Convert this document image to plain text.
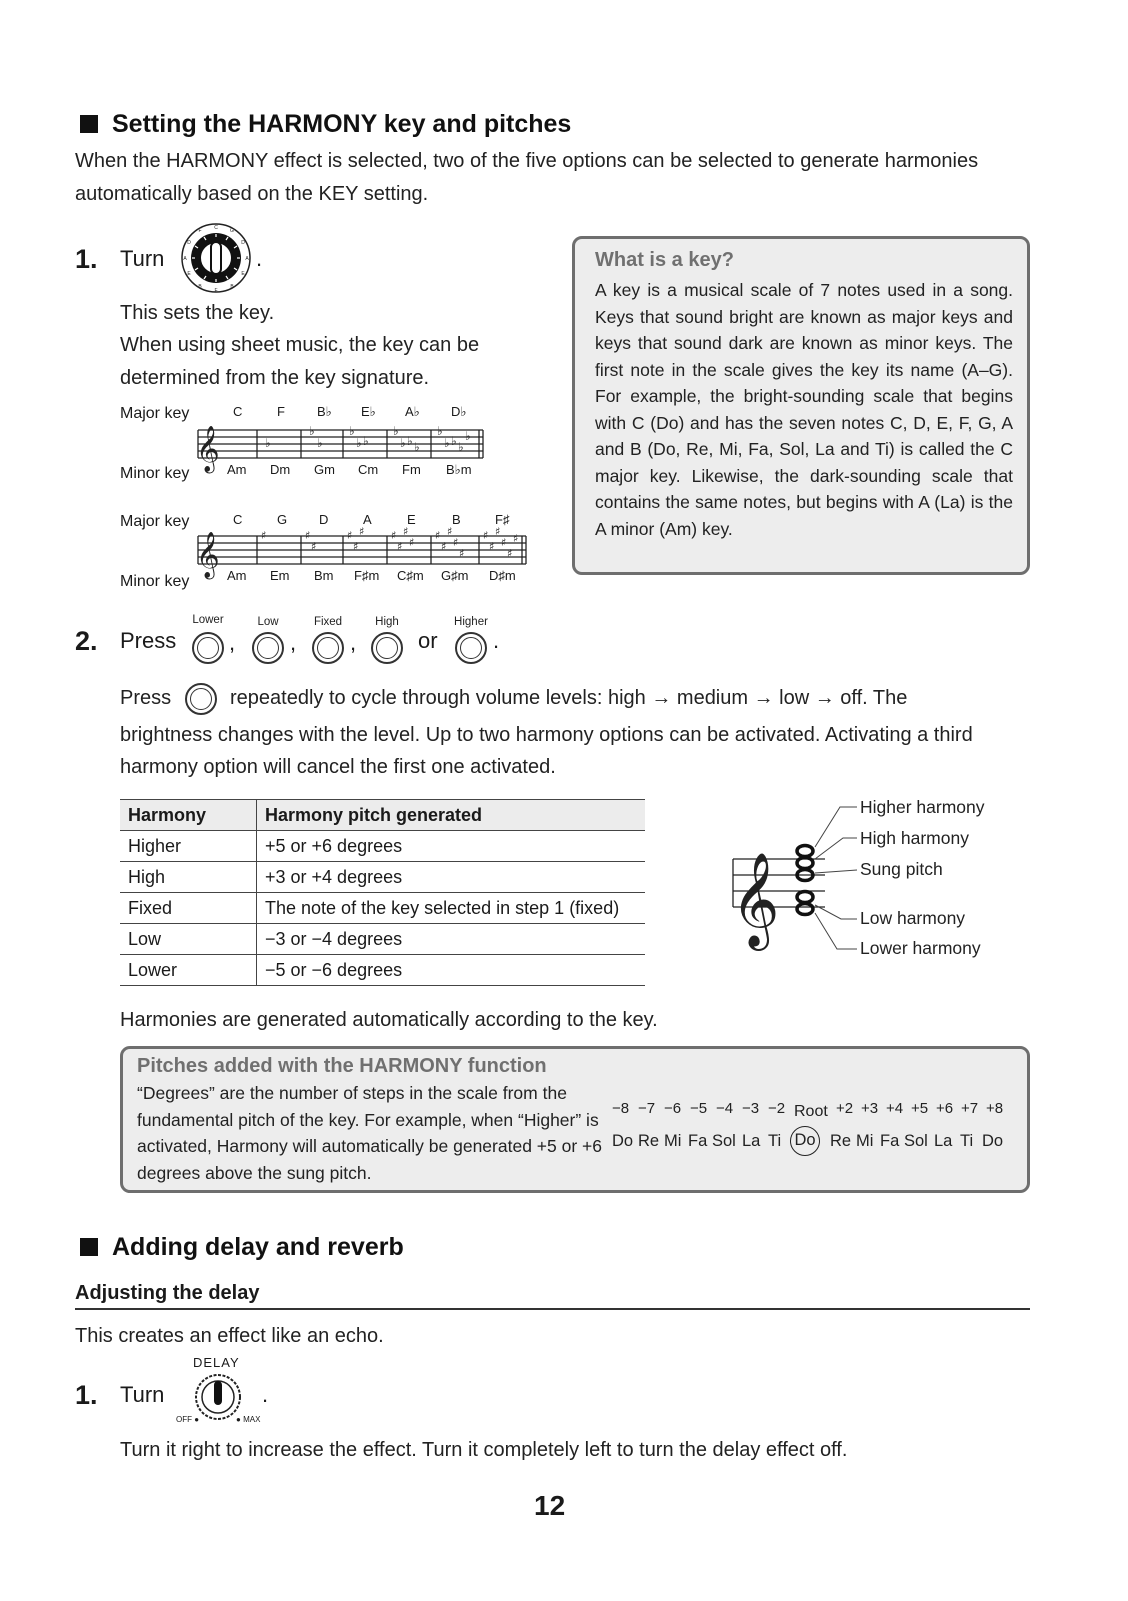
Setting the HARMONY key and pitches
When the HARMONY effect is selected, two of the five options can be selected to generate harmonies automatically based on the KEY setting.
1. Turn
C G
D
A
E
B
F
B
E
A
D
F
.
This sets the key.
When using sheet music, the key can be determined from the key signature.
Major key
Minor key
𝄞	♭
♭
♭
♭
♭ ♭
♭
♭ ♭ ♭
♭
♭ ♭ ♭
♭
C	F B♭ E♭ A♭ D♭
Am Dm Gm Cm Fm B♭m
Major key
Minor key
𝄞	♯	♯
♯
♯
♯
♯ ♯
♯
♯
♯
♯
♯
♯
♯
♯
♯
♯
♯
♯
♯
♯
C	G D	A	E	B	F♯
Am Em Bm F♯m C♯m G♯m D♯m
What is a key?
A key is a musical scale of 7 notes used in a song. Keys that sound bright are known as major keys and keys that sound dark are known as minor keys. The first note in the scale gives the key its name (A–G). For example, the bright-sounding scale that begins with C (Do) and has the seven notes C, D, E, F, G, A and B (Do, Re, Mi, Fa, Sol, La and Ti) is called the C major key. Likewise, the dark-sounding scale that contains the same notes, but begins with A (La) is the A minor (Am) key.
2. Press
Lower
,
Low
,
Fixed
,
High
or
Higher
.
Press	repeatedly to cycle through volume levels: high → medium → low → off. The
brightness changes with the level. Up to two harmony options can be activated. Activating a third
harmony option will cancel the first one activated.
Harmony	Harmony pitch generated
Higher	+5 or +6 degrees
High	+3 or +4 degrees
Fixed	The note of the key selected in step 1 (fixed)
Low	−3 or −4 degrees
Lower	−5 or −6 degrees
𝄞
Higher harmony
High harmony
Sung pitch
Low harmony
Lower harmony
Harmonies are generated automatically according to the key.
Pitches added with the HARMONY function
“Degrees” are the number of steps in the scale from the fundamental pitch of the key. For example, when “Higher” is activated, Harmony will automatically be generated +5 or +6 degrees above the sung pitch.
−8 −7 −6 −5 −4 −3 −2 Root +2 +3 +4 +5 +6 +7 +8
Do Re Mi Fa Sol La Ti Do Re Mi Fa Sol La Ti Do
Adding delay and reverb
Adjusting the delay
This creates an effect like an echo.
1. Turn
DELAY
OFF ●	● MAX
.
Turn it right to increase the effect. Turn it completely left to turn the delay effect off.
12
